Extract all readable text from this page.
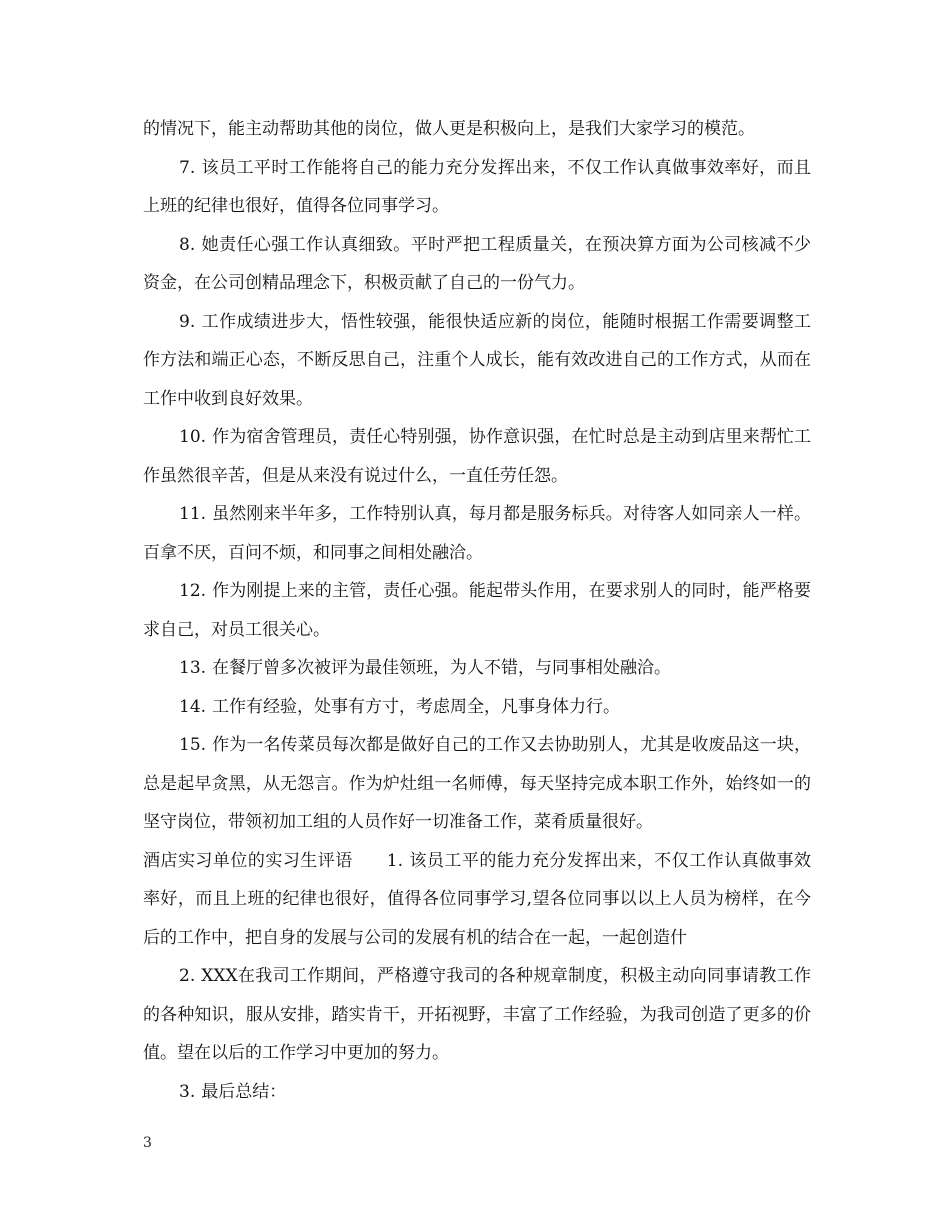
的情况下，能主动帮助其他的岗位，做人更是积极向上，是我们大家学习的模范。

7. 该员工平时工作能将自己的能力充分发挥出来，不仅工作认真做事效率好，而且上班的纪律也很好，值得各位同事学习。

8. 她责任心强工作认真细致。平时严把工程质量关，在预决算方面为公司核减不少资金，在公司创精品理念下，积极贡献了自己的一份气力。

9. 工作成绩进步大，悟性较强，能很快适应新的岗位，能随时根据工作需要调整工作方法和端正心态，不断反思自己，注重个人成长，能有效改进自己的工作方式，从而在工作中收到良好效果。

10. 作为宿舍管理员，责任心特别强，协作意识强，在忙时总是主动到店里来帮忙工作虽然很辛苦，但是从来没有说过什么，一直任劳任怨。

11. 虽然刚来半年多，工作特别认真，每月都是服务标兵。对待客人如同亲人一样。百拿不厌，百问不烦，和同事之间相处融洽。

12. 作为刚提上来的主管，责任心强。能起带头作用，在要求别人的同时，能严格要求自己，对员工很关心。

13. 在餐厅曾多次被评为最佳领班，为人不错，与同事相处融洽。

14. 工作有经验，处事有方寸，考虑周全，凡事身体力行。

15. 作为一名传菜员每次都是做好自己的工作又去协助别人，尤其是收废品这一块，总是起早贪黑，从无怨言。作为炉灶组一名师傅，每天坚持完成本职工作外，始终如一的坚守岗位，带领初加工组的人员作好一切准备工作，菜肴质量很好。

酒店实习单位的实习生评语 1. 该员工平的能力充分发挥出来，不仅工作认真做事效率好，而且上班的纪律也很好，值得各位同事学习,望各位同事以以上人员为榜样，在今后的工作中，把自身的发展与公司的发展有机的结合在一起，一起创造什

2. XXX在我司工作期间，严格遵守我司的各种规章制度，积极主动向同事请教工作的各种知识，服从安排，踏实肯干，开拓视野，丰富了工作经验，为我司创造了更多的价值。望在以后的工作学习中更加的努力。

3. 最后总结：

3
